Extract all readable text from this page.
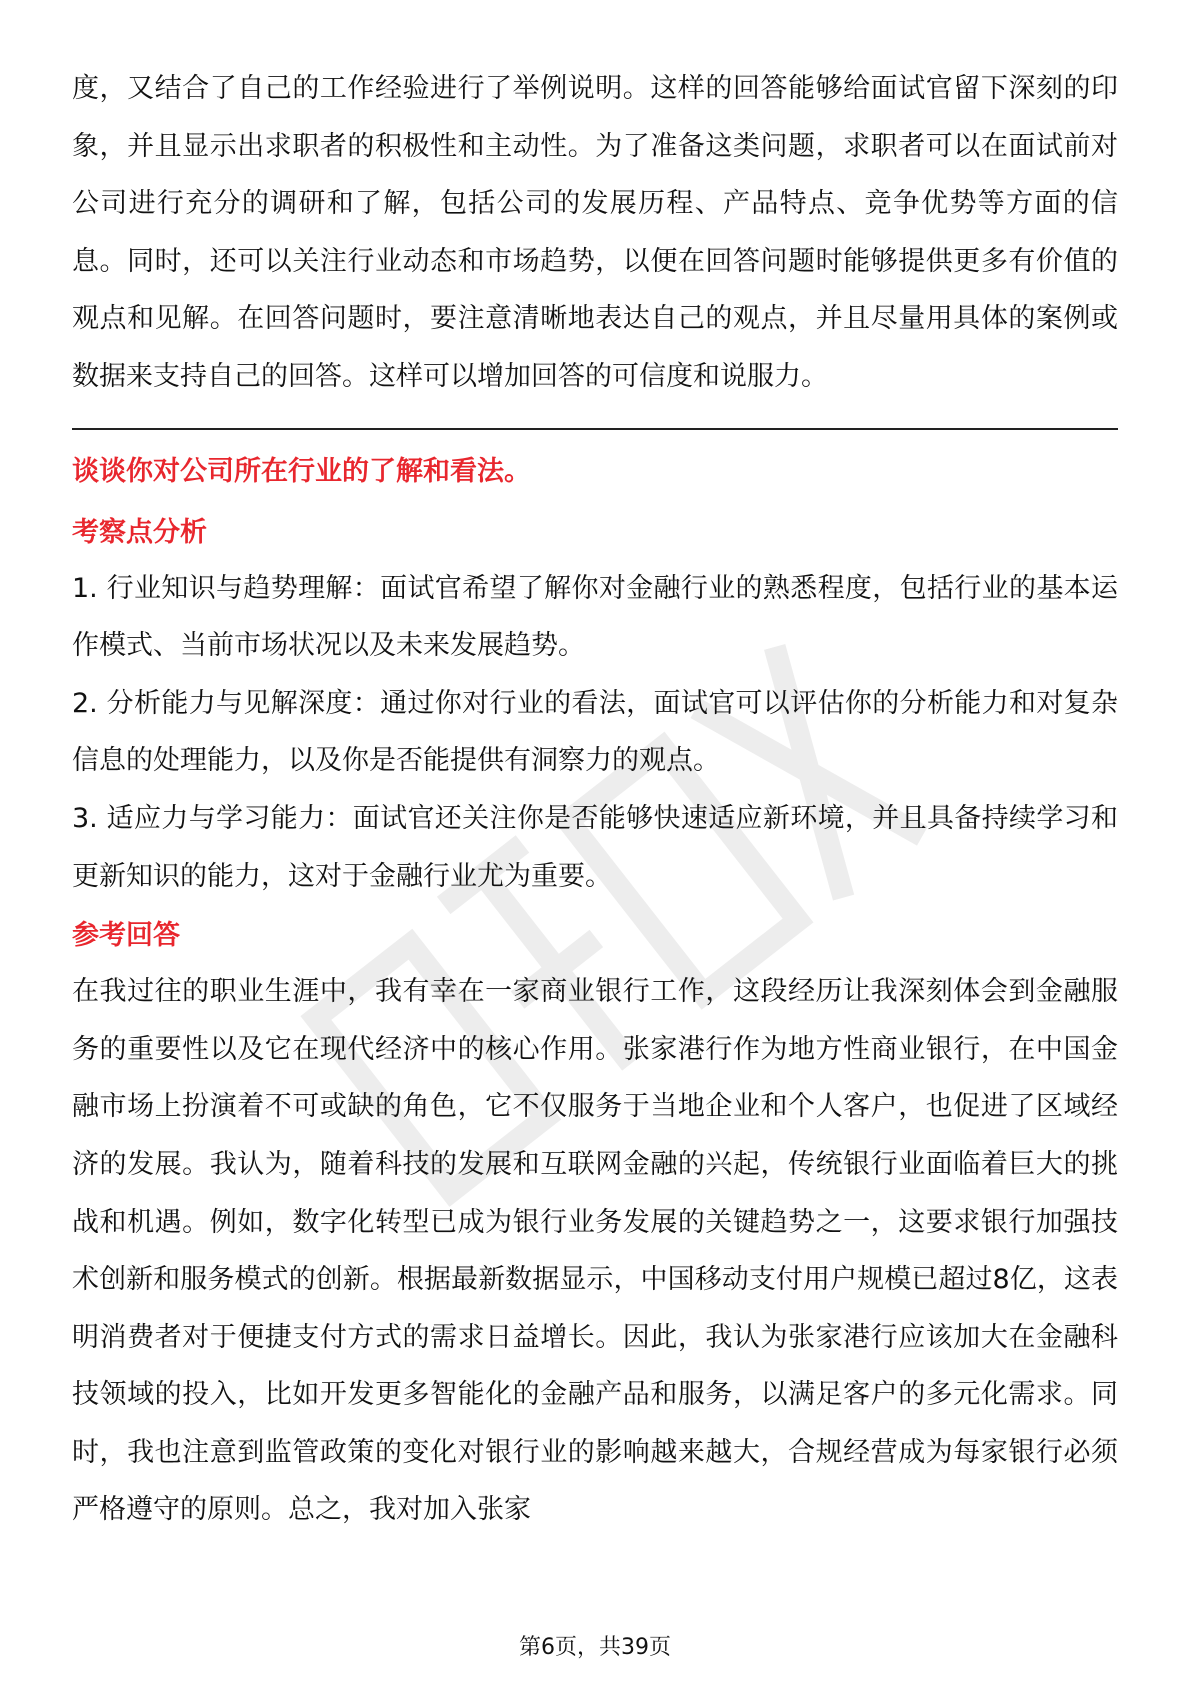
度，又结合了自己的工作经验进行了举例说明。这样的回答能够给面试官留下深刻的印象，并且显示出求职者的积极性和主动性。为了准备这类问题，求职者可以在面试前对公司进行充分的调研和了解，包括公司的发展历程、产品特点、竞争优势等方面的信息。同时，还可以关注行业动态和市场趋势，以便在回答问题时能够提供更多有价值的观点和见解。在回答问题时，要注意清晰地表达自己的观点，并且尽量用具体的案例或数据来支持自己的回答。这样可以增加回答的可信度和说服力。

谈谈你对公司所在行业的了解和看法。

考察点分析

1. 行业知识与趋势理解：面试官希望了解你对金融行业的熟悉程度，包括行业的基本运作模式、当前市场状况以及未来发展趋势。

2. 分析能力与见解深度：通过你对行业的看法，面试官可以评估你的分析能力和对复杂信息的处理能力，以及你是否能提供有洞察力的观点。

3. 适应力与学习能力：面试官还关注你是否能够快速适应新环境，并且具备持续学习和更新知识的能力，这对于金融行业尤为重要。

参考回答

在我过往的职业生涯中，我有幸在一家商业银行工作，这段经历让我深刻体会到金融服务的重要性以及它在现代经济中的核心作用。张家港行作为地方性商业银行，在中国金融市场上扮演着不可或缺的角色，它不仅服务于当地企业和个人客户，也促进了区域经济的发展。我认为，随着科技的发展和互联网金融的兴起，传统银行业面临着巨大的挑战和机遇。例如，数字化转型已成为银行业务发展的关键趋势之一，这要求银行加强技术创新和服务模式的创新。根据最新数据显示，中国移动支付用户规模已超过8亿，这表明消费者对于便捷支付方式的需求日益增长。因此，我认为张家港行应该加大在金融科技领域的投入，比如开发更多智能化的金融产品和服务，以满足客户的多元化需求。同时，我也注意到监管政策的变化对银行业的影响越来越大，合规经营成为每家银行必须严格遵守的原则。总之，我对加入张家

第6页，共39页
